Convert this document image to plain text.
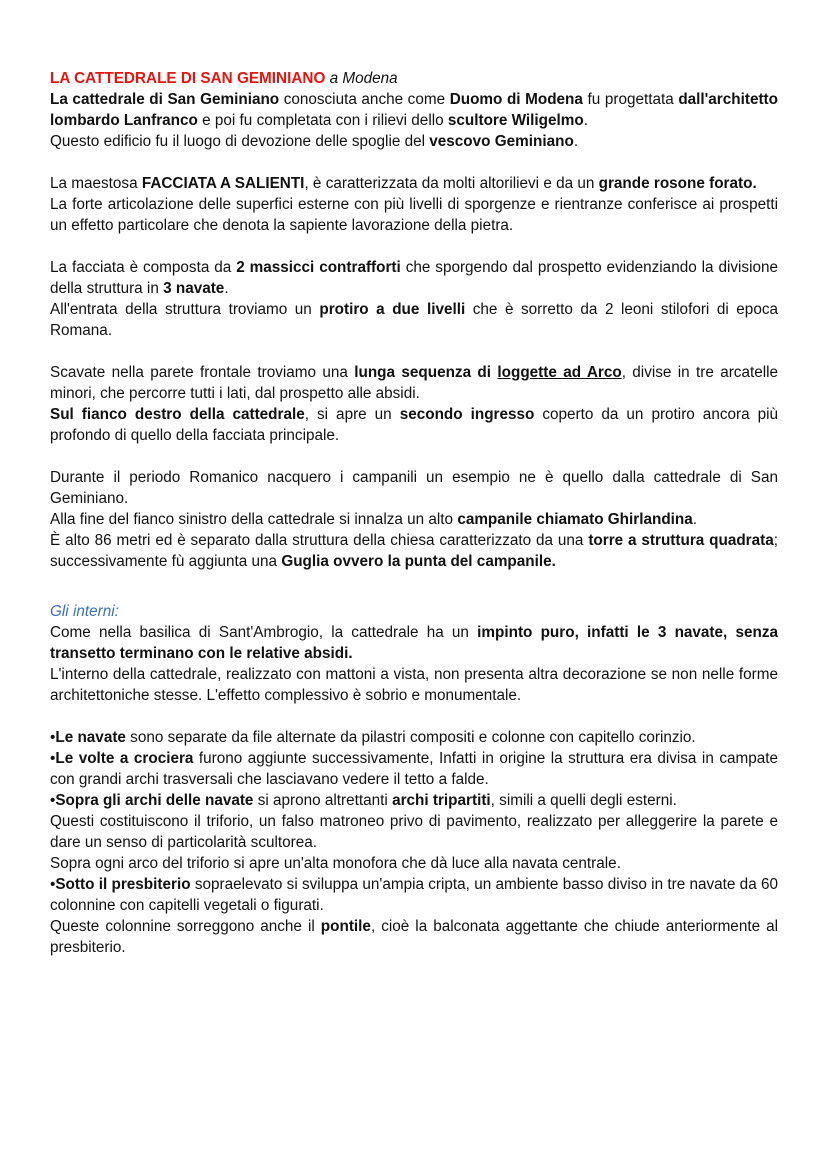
LA CATTEDRALE DI SAN GEMINIANO a Modena

La cattedrale di San Geminiano conosciuta anche come Duomo di Modena fu progettata dall'architetto lombardo Lanfranco e poi fu completata con i rilievi dello scultore Wiligelmo.

Questo edificio fu il luogo di devozione delle spoglie del vescovo Geminiano.

La maestosa FACCIATA A SALIENTI, è caratterizzata da molti altorilievi e da un grande rosone forato.

La forte articolazione delle superfici esterne con più livelli di sporgenze e rientranze conferisce ai prospetti un effetto particolare che denota la sapiente lavorazione della pietra.

La facciata è composta da 2 massicci contrafforti che sporgendo dal prospetto evidenziando la divisione della struttura in 3 navate.

All'entrata della struttura troviamo un protiro a due livelli che è sorretto da 2 leoni stilofori di epoca Romana.

Scavate nella parete frontale troviamo una lunga sequenza di loggette ad Arco, divise in tre arcatelle minori, che percorre tutti i lati, dal prospetto alle absidi.

Sul fianco destro della cattedrale, si apre un secondo ingresso coperto da un protiro ancora più profondo di quello della facciata principale.

Durante il periodo Romanico nacquero i campanili un esempio ne è quello dalla cattedrale di San Geminiano.

Alla fine del fianco sinistro della cattedrale si innalza un alto campanile chiamato Ghirlandina.

È alto 86 metri ed è separato dalla struttura della chiesa caratterizzato da una torre a struttura quadrata; successivamente fù aggiunta una Guglia ovvero la punta del campanile.

Gli interni:

Come nella basilica di Sant'Ambrogio, la cattedrale ha un impinto puro, infatti le 3 navate, senza transetto terminano con le relative absidi.

L'interno della cattedrale, realizzato con mattoni a vista, non presenta altra decorazione se non nelle forme architettoniche stesse. L'effetto complessivo è sobrio e monumentale.

•Le navate sono separate da file alternate da pilastri compositi e colonne con capitello corinzio.

•Le volte a crociera furono aggiunte successivamente, Infatti in origine la struttura era divisa in campate con grandi archi trasversali che lasciavano vedere il tetto a falde.

•Sopra gli archi delle navate si aprono altrettanti archi tripartiti, simili a quelli degli esterni.

Questi costituiscono il triforio, un falso matroneo privo di pavimento, realizzato per alleggerire la parete e dare un senso di particolarità scultorea.

Sopra ogni arco del triforio si apre un'alta monofora che dà luce alla navata centrale.

•Sotto il presbiterio sopraelevato si sviluppa un'ampia cripta, un ambiente basso diviso in tre navate da 60 colonnine con capitelli vegetali o figurati.

Queste colonnine sorreggono anche il pontile, cioè la balconata aggettante che chiude anteriormente al presbiterio.
